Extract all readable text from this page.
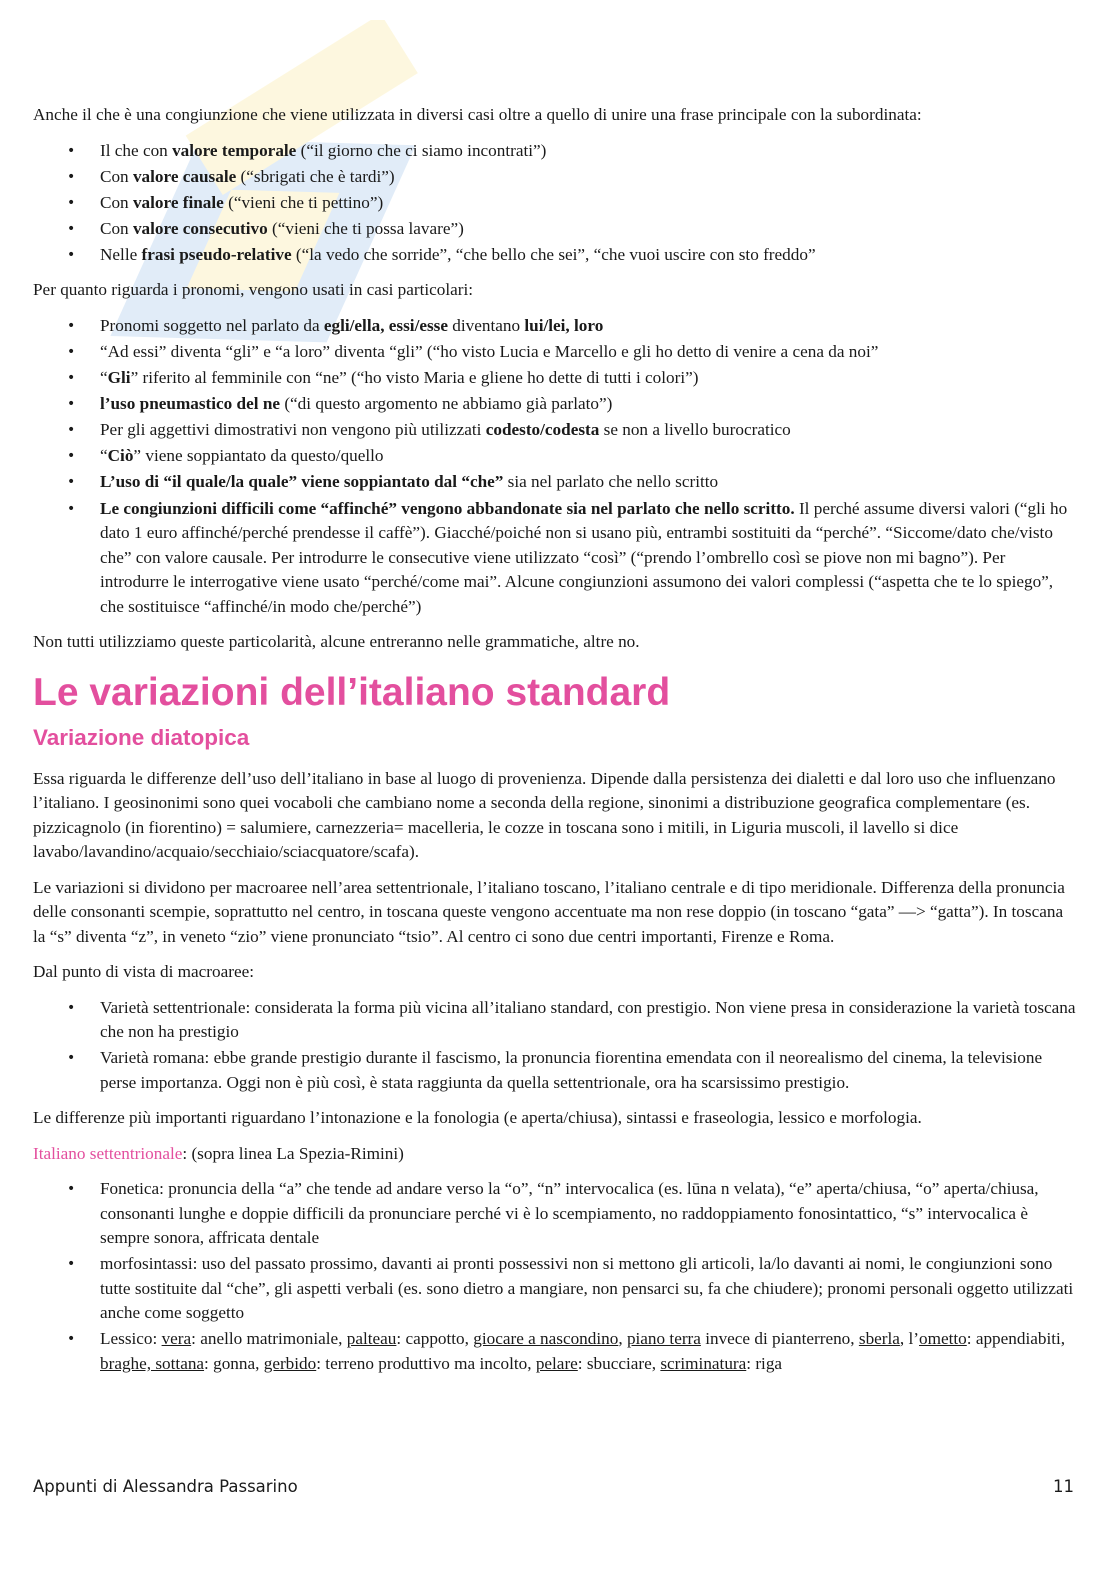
Anche il che è una congiunzione che viene utilizzata in diversi casi oltre a quello di unire una frase principale con la subordinata:

• Il che con valore temporale (“il giorno che ci siamo incontrati”)
• Con valore causale (“sbrigati che è tardi”)
• Con valore finale (“vieni che ti pettino”)
• Con valore consecutivo (“vieni che ti possa lavare”)
• Nelle frasi pseudo-relative (“la vedo che sorride”, “che bello che sei”, “che vuoi uscire con sto freddo”

Per quanto riguarda i pronomi, vengono usati in casi particolari:

• Pronomi soggetto nel parlato da egli/ella, essi/esse diventano lui/lei, loro
• “Ad essi” diventa “gli” e “a loro” diventa “gli” (“ho visto Lucia e Marcello e gli ho detto di venire a cena da noi”
• “Gli” riferito al femminile con “ne” (“ho visto Maria e gliene ho dette di tutti i colori”)
• l’uso pneumastico del ne (“di questo argomento ne abbiamo già parlato”)
• Per gli aggettivi dimostrativi non vengono più utilizzati codesto/codesta se non a livello burocratico
• “Ciò” viene soppiantato da questo/quello
• L’uso di “il quale/la quale” viene soppiantato dal “che” sia nel parlato che nello scritto
• Le congiunzioni difficili come “affinché” vengono abbandonate sia nel parlato che nello scritto. Il perché assume diversi valori (“gli ho dato 1 euro affinché/perché prendesse il caffè”). Giacché/poiché non si usano più, entrambi sostituiti da “perché”. “Siccome/dato che/visto che” con valore causale. Per introdurre le consecutive viene utilizzato “così” (“prendo l’ombrello così se piove non mi bagno”). Per introdurre le interrogative viene usato “perché/come mai”. Alcune congiunzioni assumono dei valori complessi (“aspetta che te lo spiego”, che sostituisce “affinché/in modo che/perché”)

Non tutti utilizziamo queste particolarità, alcune entreranno nelle grammatiche, altre no.

Le variazioni dell’italiano standard
Variazione diatopica

Essa riguarda le differenze dell’uso dell’italiano in base al luogo di provenienza. Dipende dalla persistenza dei dialetti e dal loro uso che influenzano l’italiano. I geosinonimi sono quei vocaboli che cambiano nome a seconda della regione, sinonimi a distribuzione geografica complementare (es. pizzicagnolo (in fiorentino) = salumiere, carnezzeria= macelleria, le cozze in toscana sono i mitili, in Liguria muscoli, il lavello si dice lavabo/lavandino/acquaio/secchiaio/sciacquatore/scafa).

Le variazioni si dividono per macroaree nell’area settentrionale, l’italiano toscano, l’italiano centrale e di tipo meridionale. Differenza della pronuncia delle consonanti scempie, soprattutto nel centro, in toscana queste vengono accentuate ma non rese doppio (in toscano “gata” —> “gatta”). In toscana la “s” diventa “z”, in veneto “zio” viene pronunciato “tsio”. Al centro ci sono due centri importanti, Firenze e Roma.

Dal punto di vista di macroaree:

• Varietà settentrionale: considerata la forma più vicina all’italiano standard, con prestigio. Non viene presa in considerazione la varietà toscana che non ha prestigio
• Varietà romana: ebbe grande prestigio durante il fascismo, la pronuncia fiorentina emendata con il neorealismo del cinema, la televisione perse importanza. Oggi non è più così, è stata raggiunta da quella settentrionale, ora ha scarsissimo prestigio.

Le differenze più importanti riguardano l’intonazione e la fonologia (e aperta/chiusa), sintassi e fraseologia, lessico e morfologia.

Italiano settentrionale: (sopra linea La Spezia-Rimini)

• Fonetica: pronuncia della “a” che tende ad andare verso la “o”, “n” intervocalica (es. lūna n velata), “e” aperta/chiusa, “o” aperta/chiusa, consonanti lunghe e doppie difficili da pronunciare perché vi è lo scempiamento, no raddoppiamento fonosintattico, “s” intervocalica è sempre sonora, affricata dentale
• morfosintassi: uso del passato prossimo, davanti ai pronti possessivi non si mettono gli articoli, la/lo davanti ai nomi, le congiunzioni sono tutte sostituite dal “che”, gli aspetti verbali (es. sono dietro a mangiare, non pensarci su, fa che chiudere); pronomi personali oggetto utilizzati anche come soggetto
• Lessico: vera: anello matrimoniale, palteau: cappotto, giocare a nascondino, piano terra invece di pianterreno, sberla, l’ometto: appendiabiti, braghe, sottana: gonna, gerbido: terreno produttivo ma incolto, pelare: sbucciare, scriminatura: riga
Appunti di Alessandra Passarino	11
